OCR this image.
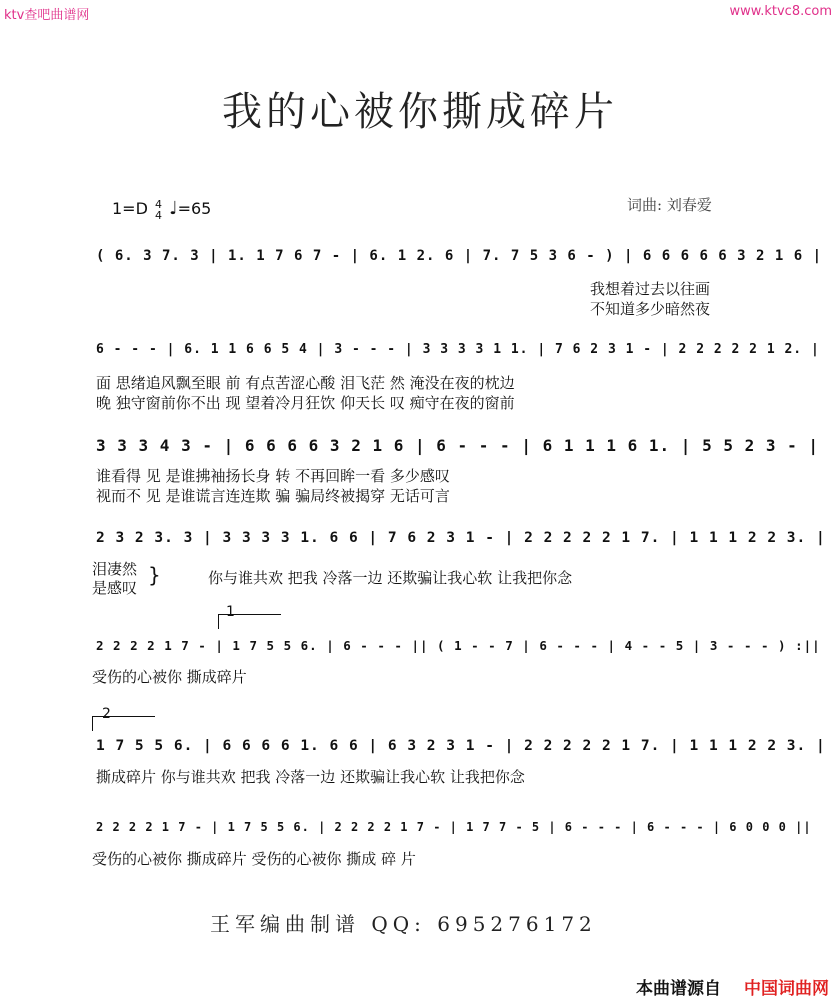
ktv查吧曲谱网	www.ktvc8.com
我的心被你撕成碎片
1=D 4
4 ♩=65	词曲: 刘春爱
( 6. 3 7. 3 | 1. 1 7 6 7 - | 6. 1 2. 6 | 7. 7 5 3 6 - ) | 6 6 6 6 6 3 2 1 6 |
我想着过去以往画
不知道多少暗然夜
6 - - - | 6. 1 1 6 6 5 4 | 3 - - - | 3 3 3 3 1 1. | 7 6 2 3 1 - | 2 2 2 2 2 1 2. |
面 思绪追风飘至眼 前 有点苦涩心酸 泪飞茫 然 淹没在夜的枕边
晚 独守窗前你不出 现 望着冷月狂饮 仰天长 叹 痴守在夜的窗前
3 3 3 4 3 - | 6 6 6 6 3 2 1 6 | 6 - - - | 6 1 1 1 6 1. | 5 5 2 3 - |
谁看得 见 是谁拂袖扬长身 转 不再回眸一看 多少感叹
视而不 见 是谁谎言连连欺 骗 骗局终被揭穿 无话可言
2 3 2 3. 3 | 3 3 3 3 1. 6 6 | 7 6 2 3 1 - | 2 2 2 2 2 1 7. | 1 1 1 2 2 3. |
泪凄然
是感叹
}	你与谁共欢 把我 冷落一边 还欺骗让我心软 让我把你念
1
2 2 2 2 1 7 - | 1 7 5 5 6. | 6 - - - || ( 1 - - 7 | 6 - - - | 4 - - 5 | 3 - - - ) :||
受伤的心被你 撕成碎片
2
1 7 5 5 6. | 6 6 6 6 1. 6 6 | 6 3 2 3 1 - | 2 2 2 2 2 1 7. | 1 1 1 2 2 3. |
撕成碎片 你与谁共欢 把我 冷落一边 还欺骗让我心软 让我把你念
2 2 2 2 1 7 - | 1 7 5 5 6. | 2 2 2 2 1 7 - | 1 7 7 - 5 | 6 - - - | 6 - - - | 6 0 0 0 ||
受伤的心被你 撕成碎片 受伤的心被你 撕成 碎 片
王军编曲制谱 QQ: 695276172
本曲谱源自 中国词曲网
